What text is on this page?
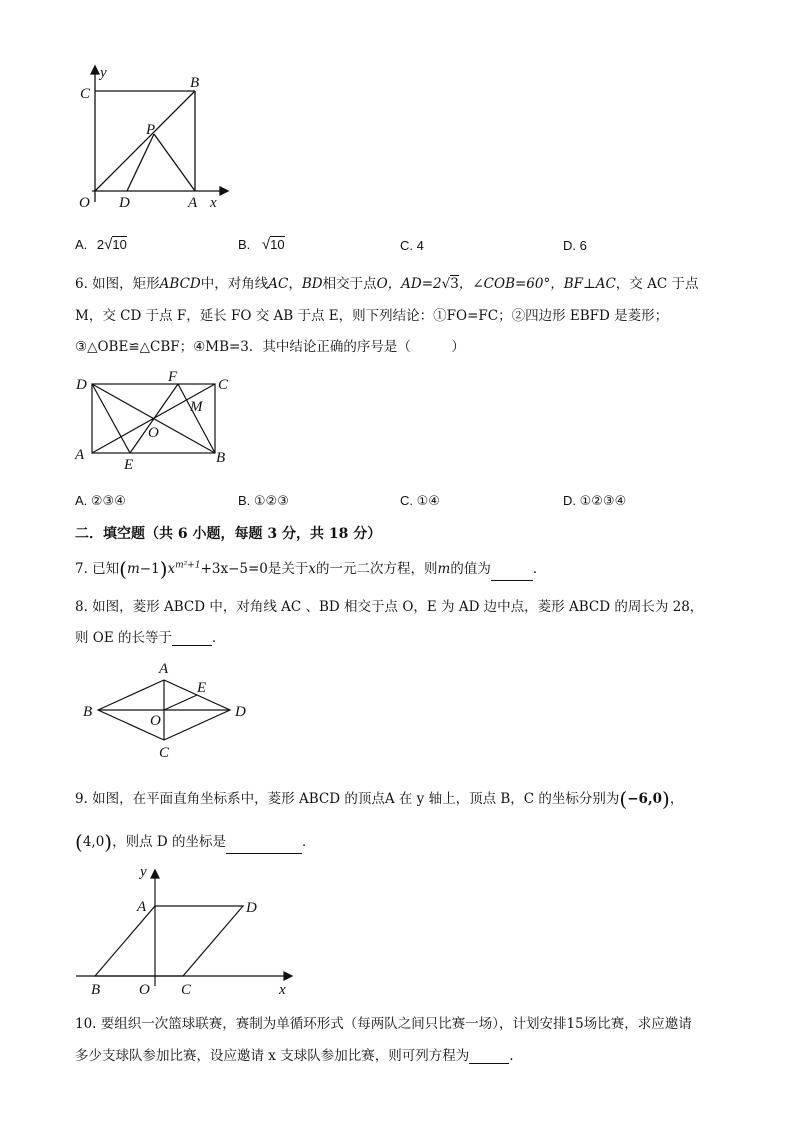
y
C
B
P
O D	A x
A. 2√10	B. √10	C. 4	D. 6
6. 如图，矩形ABCD中，对角线AC，BD相交于点O，AD=2√3，∠COB=60°，BF⊥AC，交 AC 于点
M，交 CD 于点 F，延长 FO 交 AB 于点 E，则下列结论：①FO=FC；②四边形 EBFD 是菱形；
③△OBE≌△CBF；④MB=3．其中结论正确的序号是（　　　）
D	F	C
M
O
A
E	B
A. ②③④	B. ①②③	C. ①④	D. ①②③④
二．填空题（共 6 小题，每题 3 分，共 18 分）
7. 已知$(m-1)x^{m^2+1}+3x-5=0$是关于x的一元二次方程，则m的值为	．
8. 如图，菱形 ABCD 中，对角线 AC 、BD 相交于点 O，E 为 AD 边中点，菱形 ABCD 的周长为 28，
则 OE 的长等于	．
A
E
B	D
O
C
9. 如图，在平面直角坐标系中，菱形 ABCD 的顶点A 在 y 轴上，顶点 B，C 的坐标分别为(−6,0)，
(4,0)，则点 D 的坐标是	．
y
A	D
B	O C	x
10. 要组织一次篮球联赛，赛制为单循环形式（每两队之间只比赛一场），计划安排15场比赛，求应邀请
多少支球队参加比赛，设应邀请 x 支球队参加比赛，则可列方程为	.
